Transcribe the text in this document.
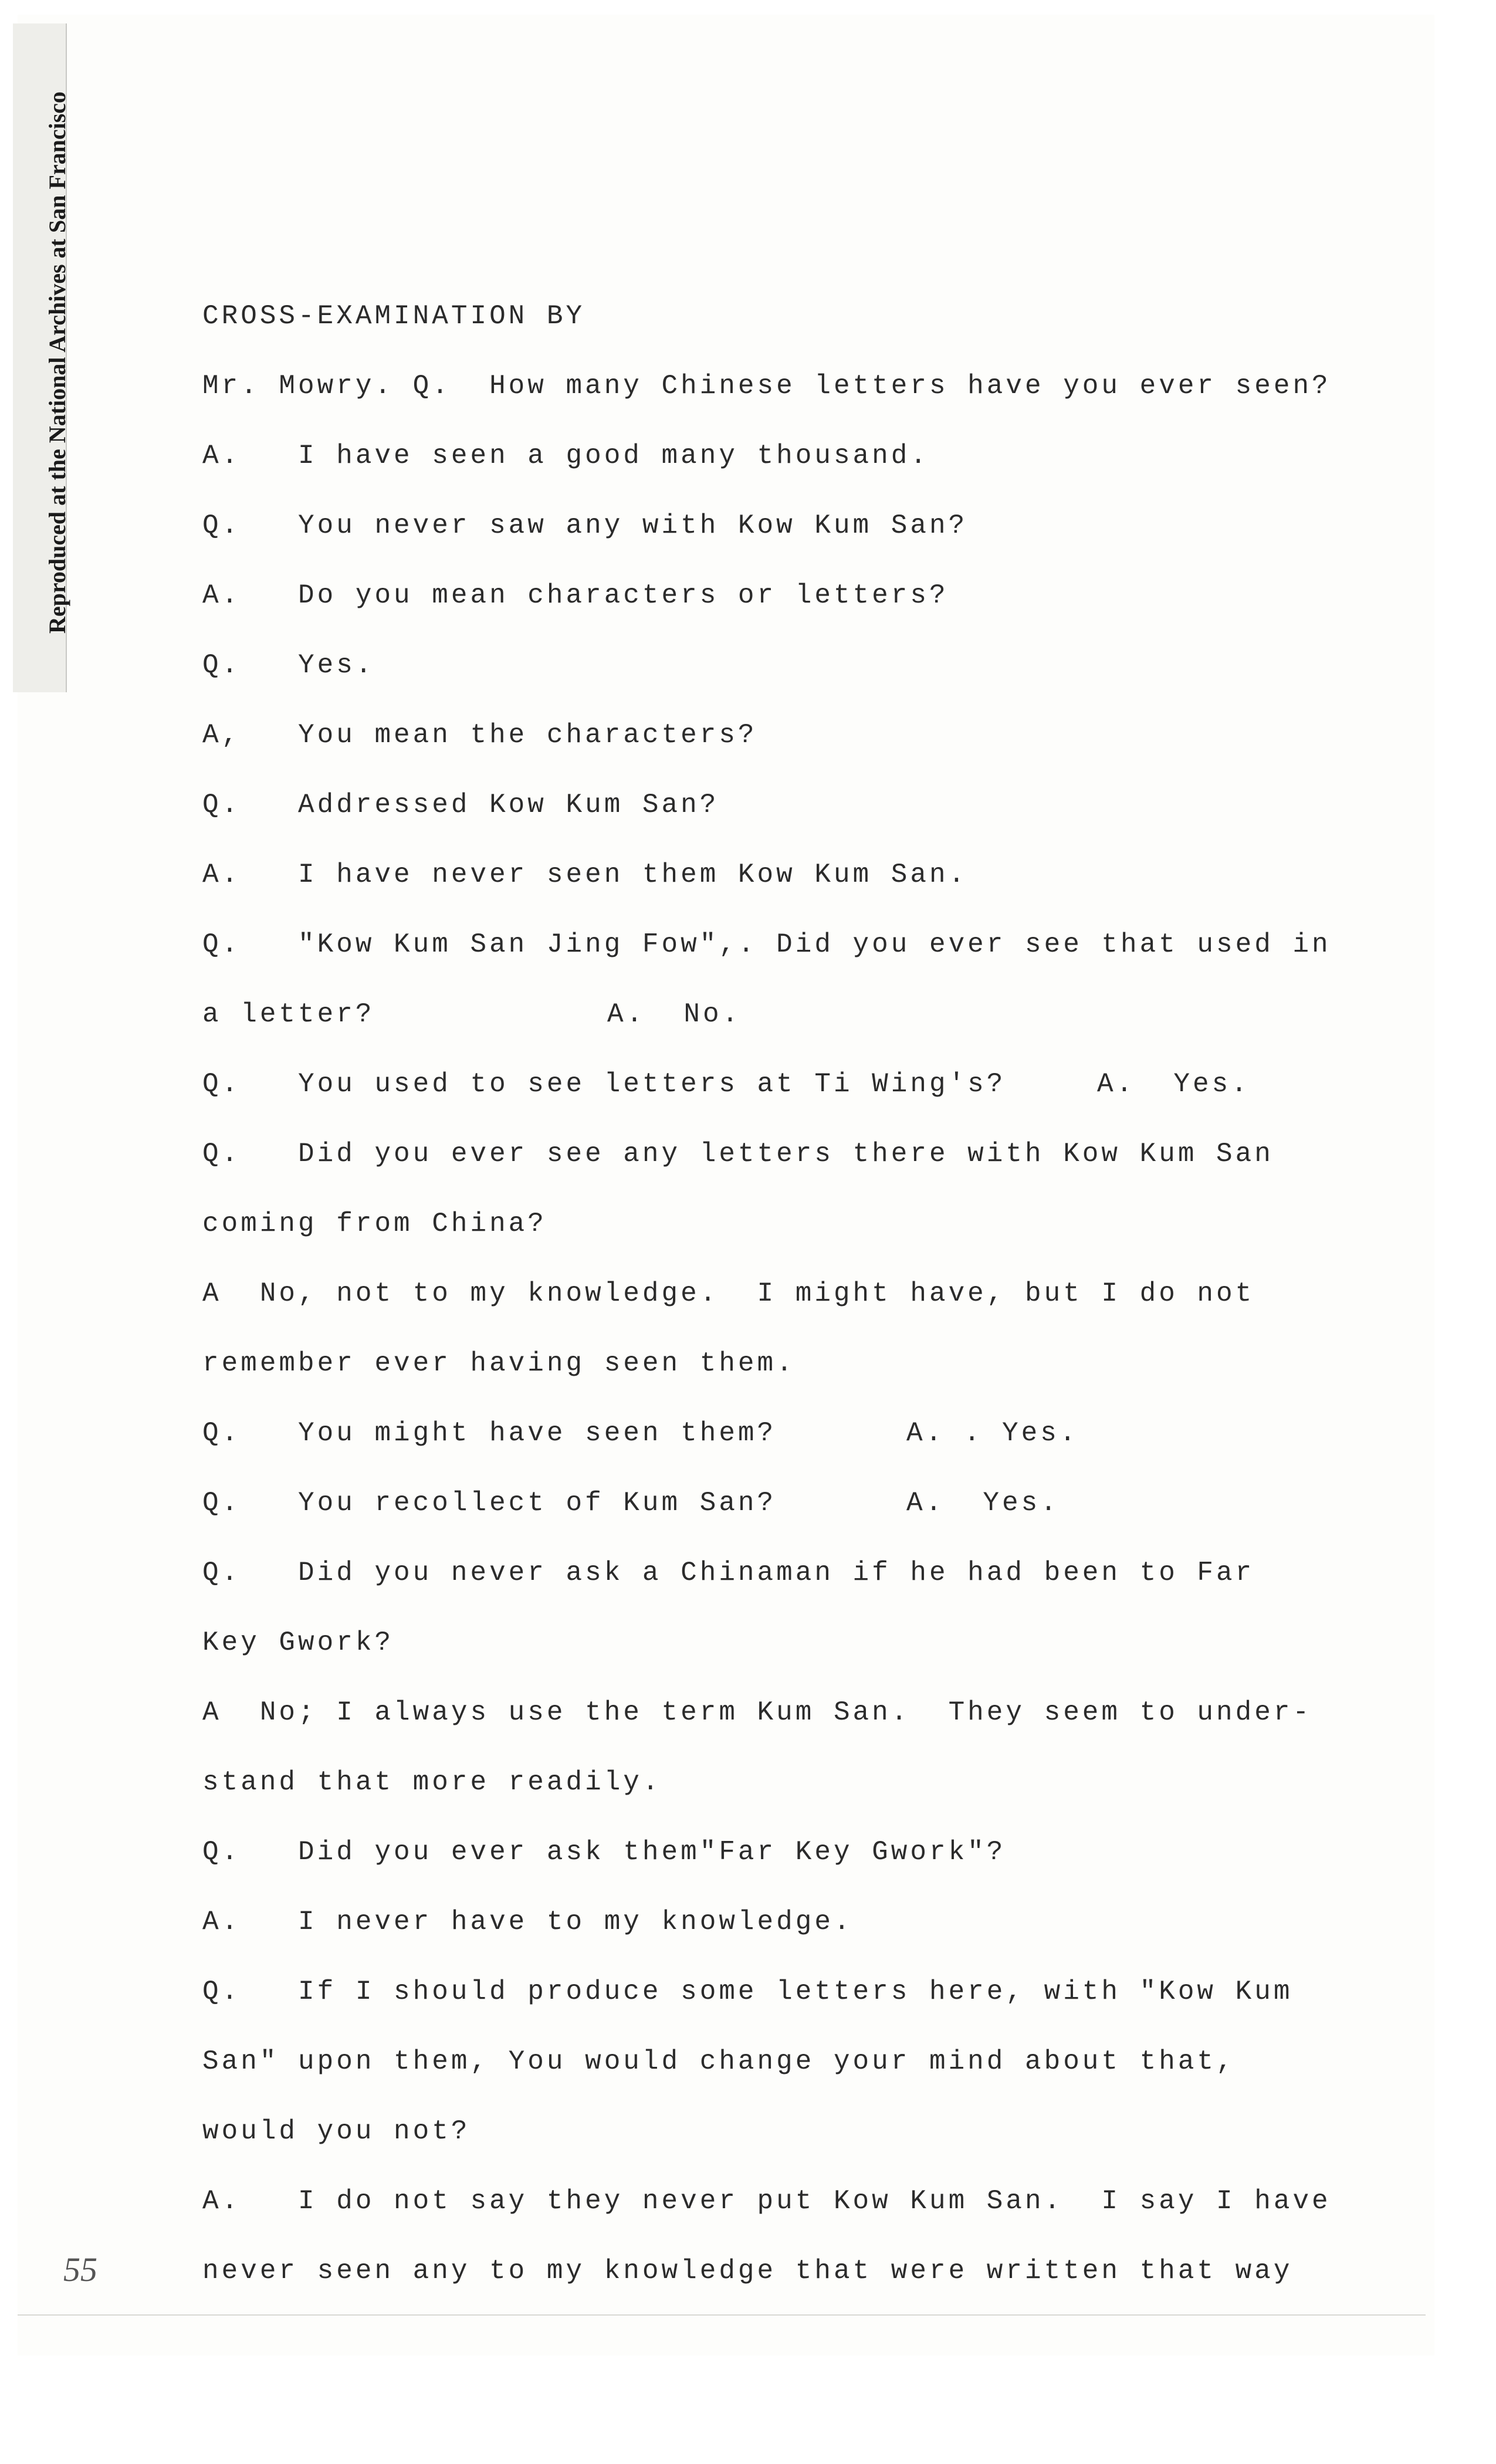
Reproduced at the National Archives at San Francisco	CROSS-EXAMINATION BY
Mr. Mowry. Q.  How many Chinese letters have you ever seen?
A.   I have seen a good many thousand.
Q.   You never saw any with Kow Kum San?
A.   Do you mean characters or letters?
Q.   Yes.
A,   You mean the characters?
Q.   Addressed Kow Kum San?
A.   I have never seen them Kow Kum San.
Q.   "Kow Kum San Jing Fow",. Did you ever see that used in
a letter?	A.  No.
Q.   You used to see letters at Ti Wing's?	A.  Yes.
Q.   Did you ever see any letters there with Kow Kum San
coming from China?
A  No, not to my knowledge.  I might have, but I do not
remember ever having seen them.
Q.   You might have seen them?	A. . Yes.
Q.   You recollect of Kum San?	A.  Yes.
Q.   Did you never ask a Chinaman if he had been to Far
Key Gwork?
A  No; I always use the term Kum San.  They seem to under-
stand that more readily.
Q.   Did you ever ask them"Far Key Gwork"?
A.   I never have to my knowledge.
Q.   If I should produce some letters here, with "Kow Kum
San" upon them, You would change your mind about that,
would you not?
A.   I do not say they never put Kow Kum San.  I say I have
never seen any to my knowledge that were written that way
55
